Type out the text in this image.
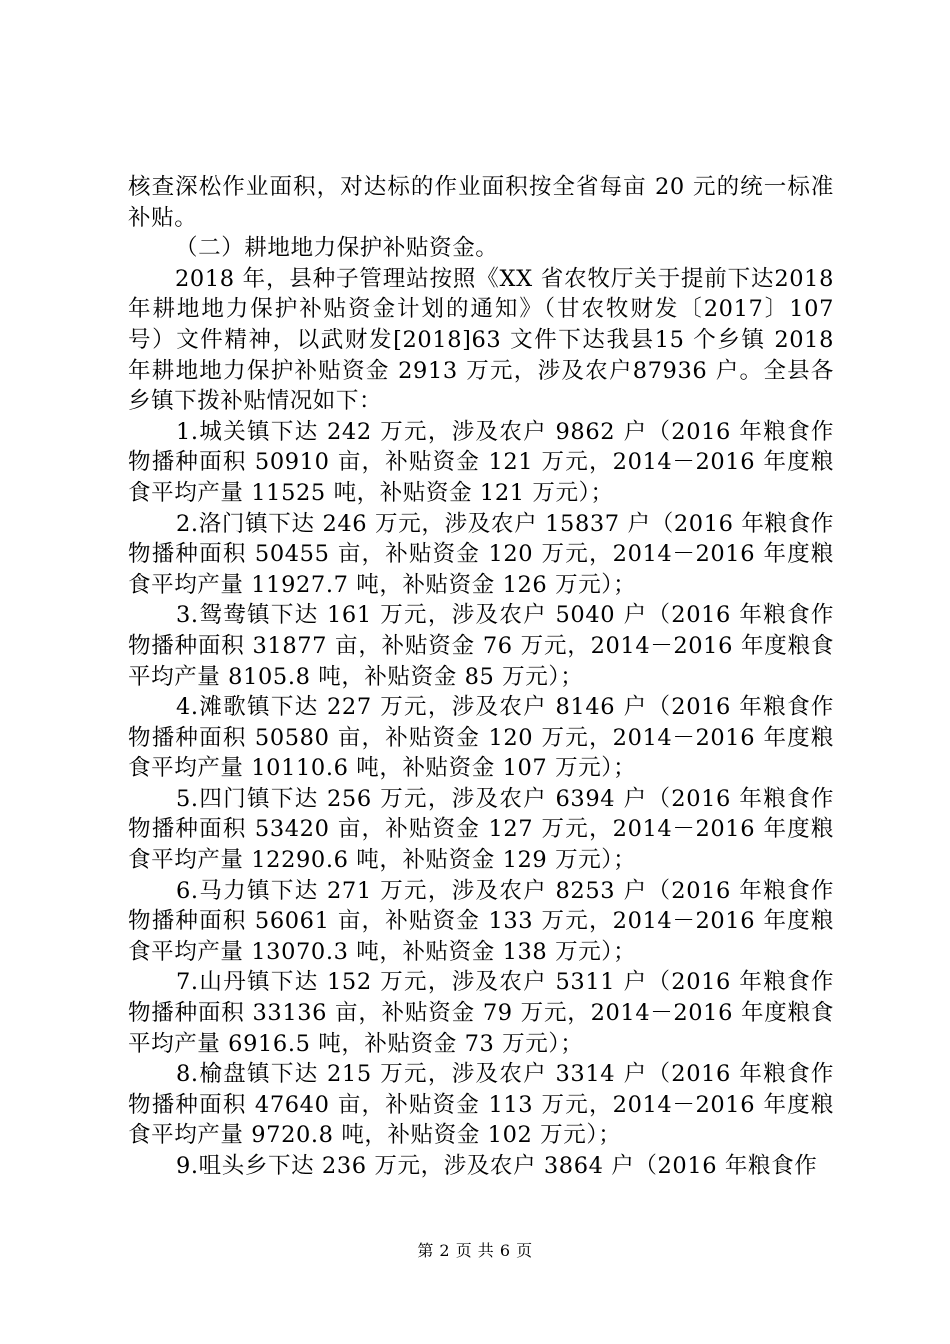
核查深松作业面积，对达标的作业面积按全省每亩 20 元的统一标准补贴。

（二）耕地地力保护补贴资金。

2018 年，县种子管理站按照《XX 省农牧厅关于提前下达2018 年耕地地力保护补贴资金计划的通知》（甘农牧财发〔2017〕107 号）文件精神，以武财发[2018]63 文件下达我县15 个乡镇 2018 年耕地地力保护补贴资金 2913 万元，涉及农户87936 户。全县各乡镇下拨补贴情况如下：

1.城关镇下达 242 万元，涉及农户 9862 户（2016 年粮食作物播种面积 50910 亩，补贴资金 121 万元，2014－2016 年度粮食平均产量 11525 吨，补贴资金 121 万元）；

2.洛门镇下达 246 万元，涉及农户 15837 户（2016 年粮食作物播种面积 50455 亩，补贴资金 120 万元，2014－2016 年度粮食平均产量 11927.7 吨，补贴资金 126 万元）；

3.鸳鸯镇下达 161 万元，涉及农户 5040 户（2016 年粮食作物播种面积 31877 亩，补贴资金 76 万元，2014－2016 年度粮食平均产量 8105.8 吨，补贴资金 85 万元）；

4.滩歌镇下达 227 万元，涉及农户 8146 户（2016 年粮食作物播种面积 50580 亩，补贴资金 120 万元，2014－2016 年度粮食平均产量 10110.6 吨，补贴资金 107 万元）；

5.四门镇下达 256 万元，涉及农户 6394 户（2016 年粮食作物播种面积 53420 亩，补贴资金 127 万元，2014－2016 年度粮食平均产量 12290.6 吨，补贴资金 129 万元）；

6.马力镇下达 271 万元，涉及农户 8253 户（2016 年粮食作物播种面积 56061 亩，补贴资金 133 万元，2014－2016 年度粮食平均产量 13070.3 吨，补贴资金 138 万元）；

7.山丹镇下达 152 万元，涉及农户 5311 户（2016 年粮食作物播种面积 33136 亩，补贴资金 79 万元，2014－2016 年度粮食平均产量 6916.5 吨，补贴资金 73 万元）；

8.榆盘镇下达 215 万元，涉及农户 3314 户（2016 年粮食作物播种面积 47640 亩，补贴资金 113 万元，2014－2016 年度粮食平均产量 9720.8 吨，补贴资金 102 万元）；

9.咀头乡下达 236 万元，涉及农户 3864 户（2016 年粮食作

第 2 页 共 6 页
